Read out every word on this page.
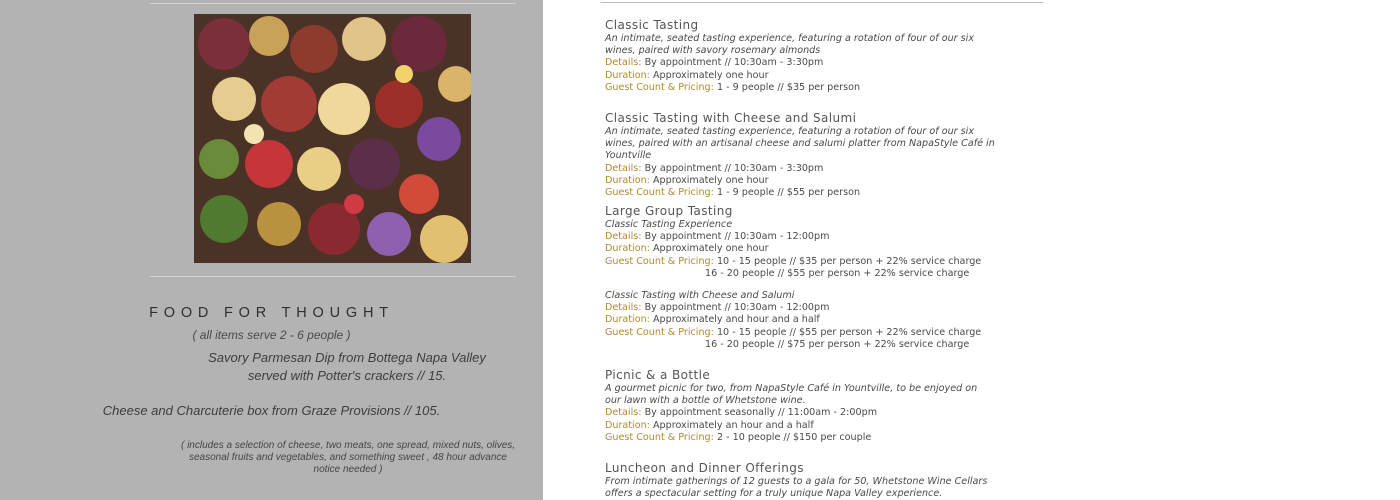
FOOD FOR THOUGHT
( all items serve 2 - 6 people )
Savory Parmesan Dip from Bottega Napa Valley served with Potter's crackers // 15.
Cheese and Charcuterie box from Graze Provisions // 105.
( includes a selection of cheese, two meats, one spread, mixed nuts, olives, seasonal fruits and vegetables, and something sweet , 48 hour advance notice needed )
Classic Tasting
An intimate, seated tasting experience, featuring a rotation of four of our six wines, paired with savory rosemary almonds
Details: By appointment // 10:30am - 3:30pm
Duration: Approximately one hour
Guest Count & Pricing: 1 - 9 people // $35 per person
Classic Tasting with Cheese and Salumi
An intimate, seated tasting experience, featuring a rotation of four of our six wines, paired with an artisanal cheese and salumi platter from NapaStyle Café in Yountville
Details: By appointment // 10:30am - 3:30pm
Duration: Approximately one hour
Guest Count & Pricing: 1 - 9 people // $55 per person
Large Group Tasting
Classic Tasting Experience
Details: By appointment // 10:30am - 12:00pm
Duration: Approximately one hour
Guest Count & Pricing: 10 - 15 people // $35 per person + 22% service charge
16 - 20 people // $55 per person + 22% service charge
Classic Tasting with Cheese and Salumi
Details: By appointment // 10:30am - 12:00pm
Duration: Approximately and hour and a half
Guest Count & Pricing: 10 - 15 people // $55 per person + 22% service charge
16 - 20 people // $75 per person + 22% service charge
Picnic & a Bottle
A gourmet picnic for two, from NapaStyle Café in Yountville, to be enjoyed on our lawn with a bottle of Whetstone wine.
Details: By appointment seasonally // 11:00am - 2:00pm
Duration: Approximately an hour and a half
Guest Count & Pricing: 2 - 10 people // $150 per couple
Luncheon and Dinner Offerings
From intimate gatherings of 12 guests to a gala for 50, Whetstone Wine Cellars offers a spectacular setting for a truly unique Napa Valley experience.
